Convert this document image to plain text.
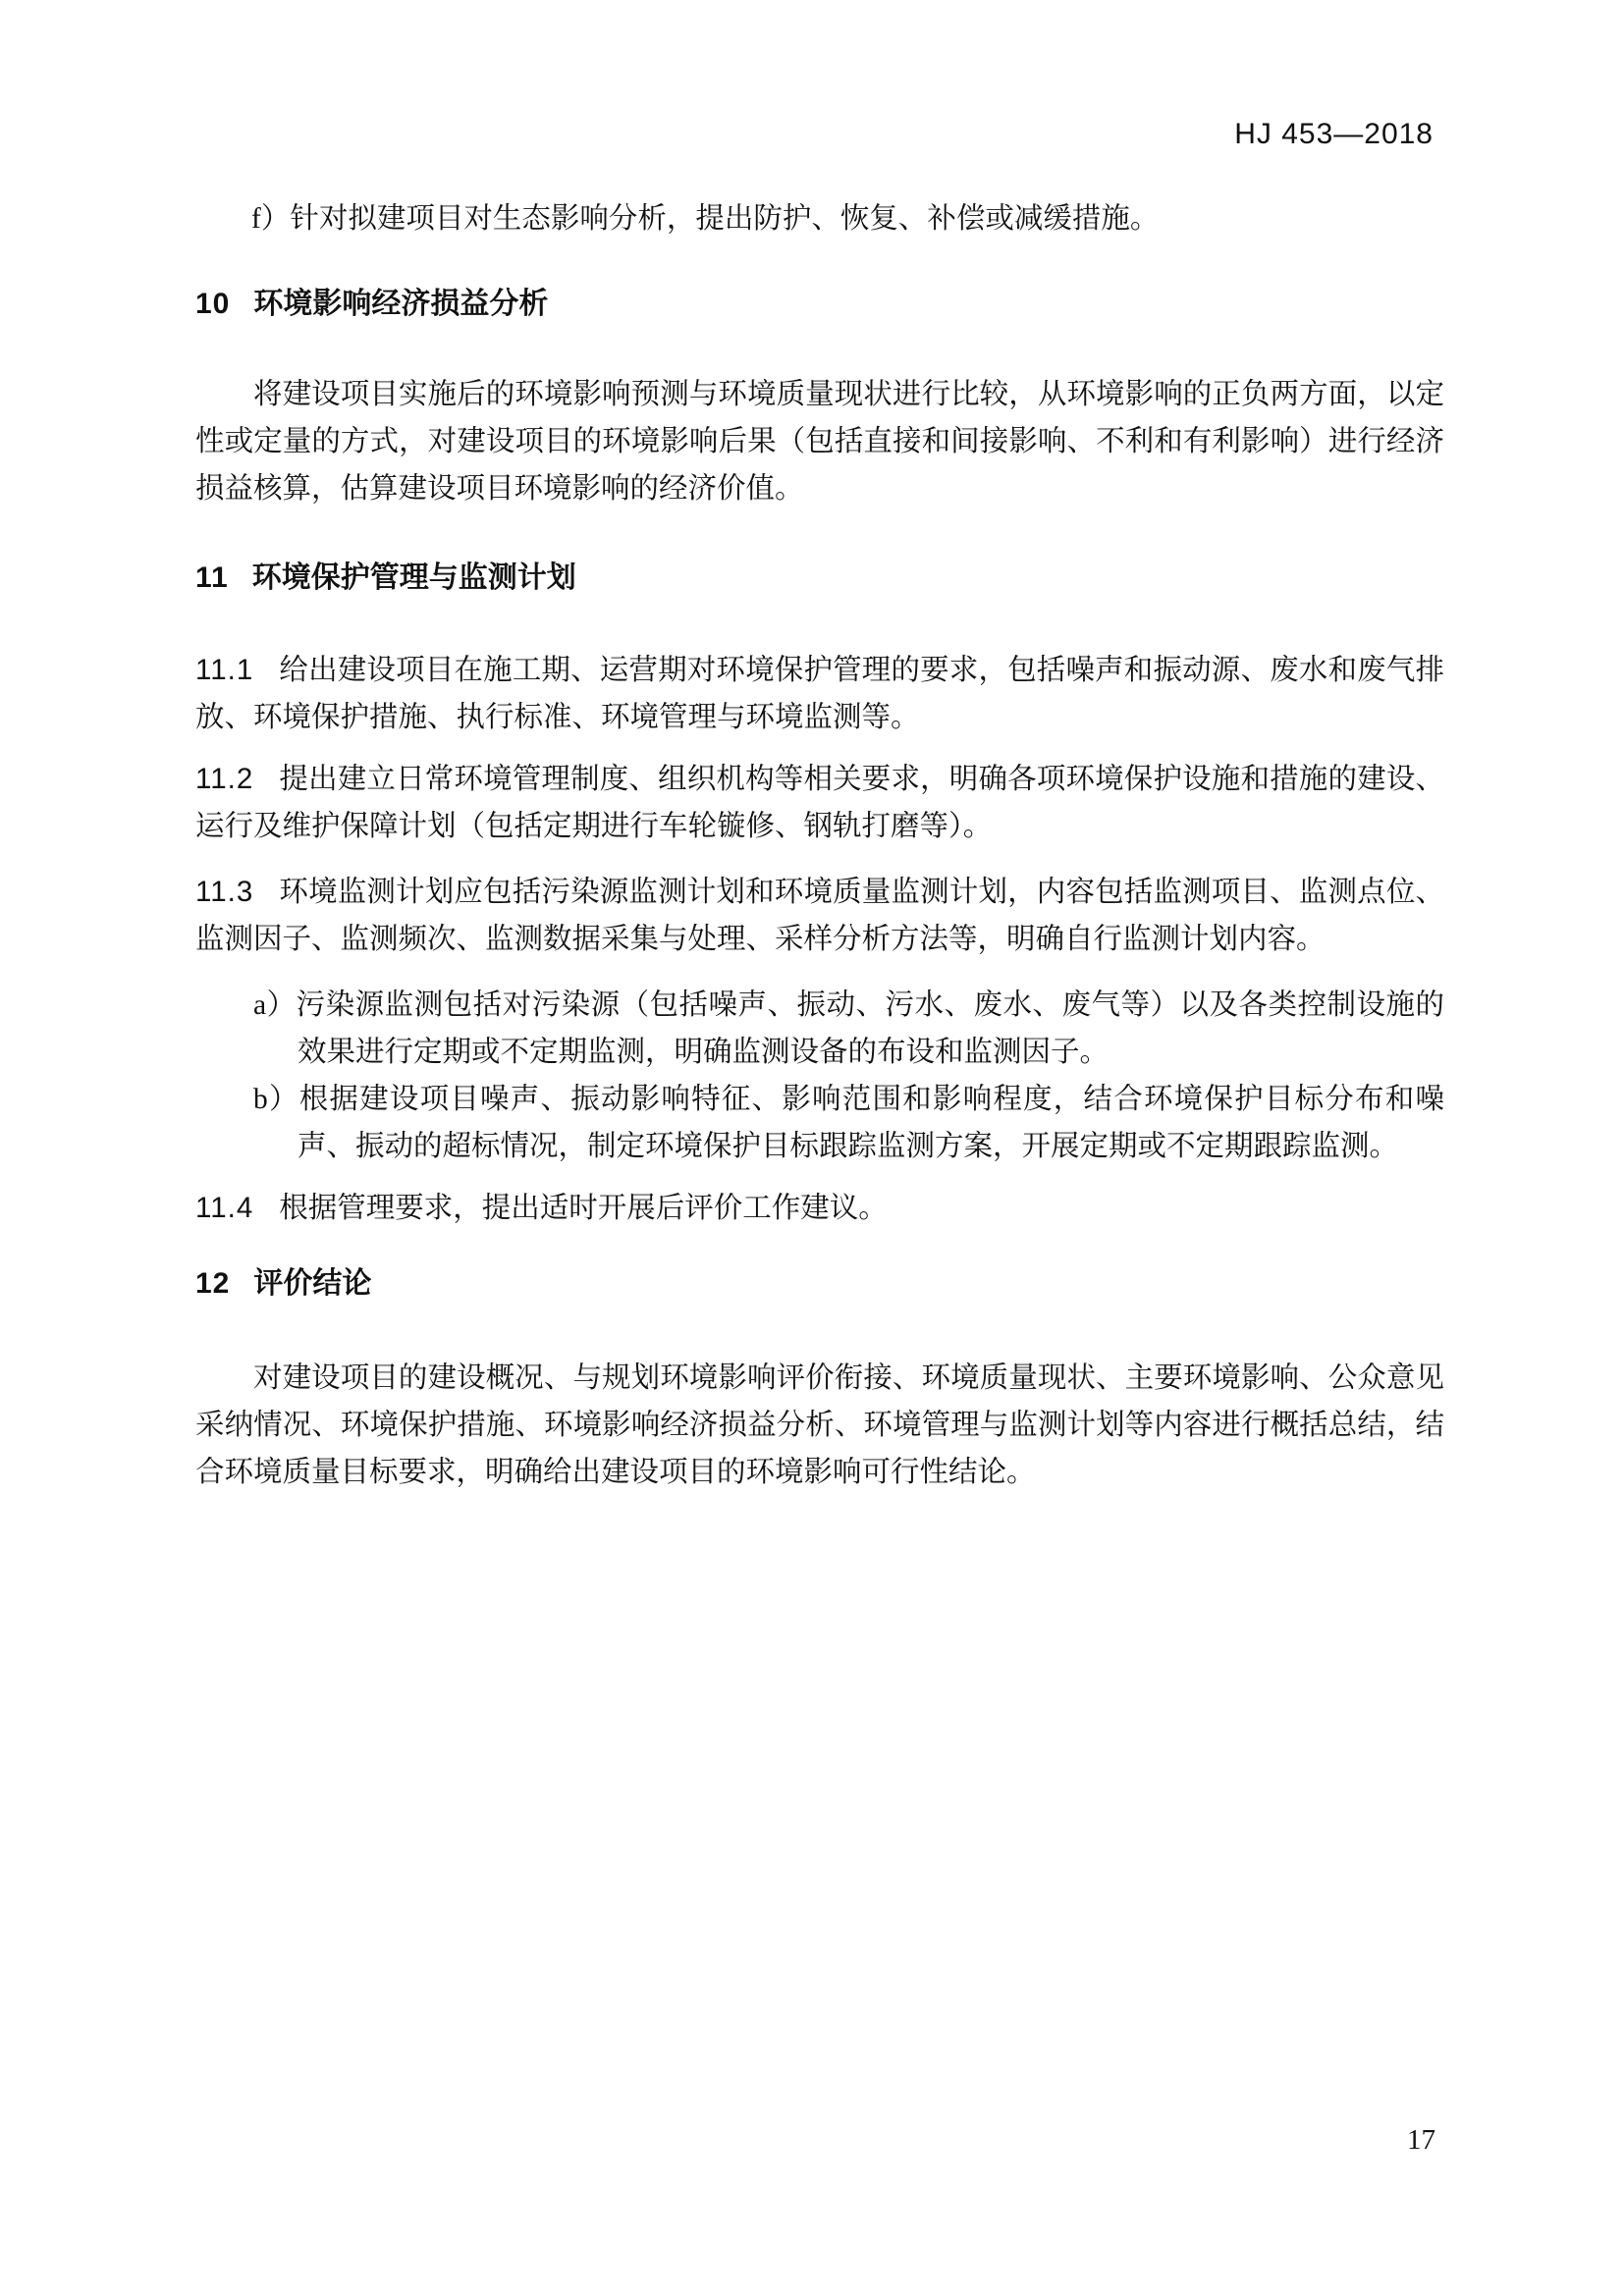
HJ 453—2018

f）针对拟建项目对生态影响分析，提出防护、恢复、补偿或减缓措施。

10 环境影响经济损益分析

将建设项目实施后的环境影响预测与环境质量现状进行比较，从环境影响的正负两方面，以定性或定量的方式，对建设项目的环境影响后果（包括直接和间接影响、不利和有利影响）进行经济损益核算，估算建设项目环境影响的经济价值。

11 环境保护管理与监测计划

11.1 给出建设项目在施工期、运营期对环境保护管理的要求，包括噪声和振动源、废水和废气排放、环境保护措施、执行标准、环境管理与环境监测等。

11.2 提出建立日常环境管理制度、组织机构等相关要求，明确各项环境保护设施和措施的建设、运行及维护保障计划（包括定期进行车轮镟修、钢轨打磨等）。

11.3 环境监测计划应包括污染源监测计划和环境质量监测计划，内容包括监测项目、监测点位、监测因子、监测频次、监测数据采集与处理、采样分析方法等，明确自行监测计划内容。

a）污染源监测包括对污染源（包括噪声、振动、污水、废水、废气等）以及各类控制设施的效果进行定期或不定期监测，明确监测设备的布设和监测因子。

b）根据建设项目噪声、振动影响特征、影响范围和影响程度，结合环境保护目标分布和噪声、振动的超标情况，制定环境保护目标跟踪监测方案，开展定期或不定期跟踪监测。

11.4 根据管理要求，提出适时开展后评价工作建议。

12 评价结论

对建设项目的建设概况、与规划环境影响评价衔接、环境质量现状、主要环境影响、公众意见采纳情况、环境保护措施、环境影响经济损益分析、环境管理与监测计划等内容进行概括总结，结合环境质量目标要求，明确给出建设项目的环境影响可行性结论。

17
